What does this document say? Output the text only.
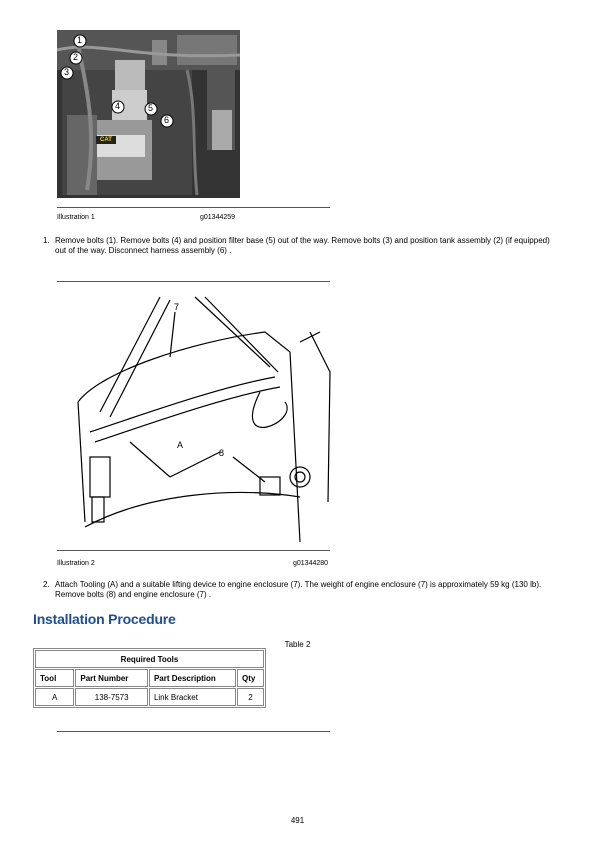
1
2
3
4	5
6
CAT
Illustration 1	g01344259
1. Remove bolts (1). Remove bolts (4) and position filter base (5) out of the way. Remove bolts (3) and position tank assembly (2) (if equipped) out of the way. Disconnect harness assembly (6) .
7
A
8
Illustration 2	g01344280
2. Attach Tooling (A) and a suitable lifting device to engine enclosure (7). The weight of engine enclosure (7) is approximately 59 kg (130 lb). Remove bolts (8) and engine enclosure (7) .
Installation Procedure
Table 2
Required Tools			
Tool	Part Number	Part Description	Qty
A	138-7573	Link Bracket	2
491
